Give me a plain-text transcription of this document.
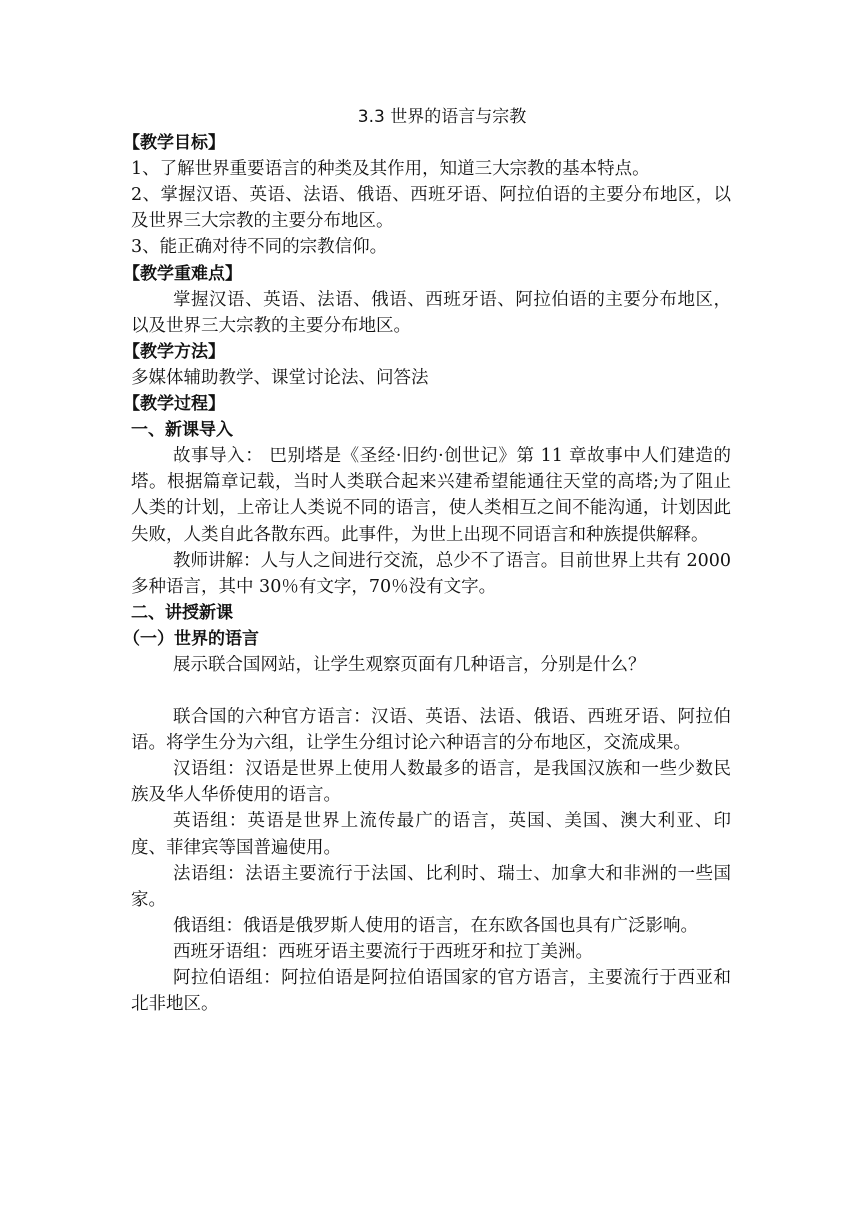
3.3 世界的语言与宗教

【教学目标】

1、了解世界重要语言的种类及其作用，知道三大宗教的基本特点。

2、掌握汉语、英语、法语、俄语、西班牙语、阿拉伯语的主要分布地区，以及世界三大宗教的主要分布地区。

3、能正确对待不同的宗教信仰。

【教学重难点】

掌握汉语、英语、法语、俄语、西班牙语、阿拉伯语的主要分布地区，以及世界三大宗教的主要分布地区。

【教学方法】

多媒体辅助教学、课堂讨论法、问答法

【教学过程】

一、新课导入

故事导入： 巴别塔是《圣经·旧约·创世记》第 11 章故事中人们建造的塔。根据篇章记载，当时人类联合起来兴建希望能通往天堂的高塔;为了阻止人类的计划，上帝让人类说不同的语言，使人类相互之间不能沟通，计划因此失败，人类自此各散东西。此事件，为世上出现不同语言和种族提供解释。

教师讲解：人与人之间进行交流，总少不了语言。目前世界上共有 2000 多种语言，其中 30％有文字，70％没有文字。

二、讲授新课

（一）世界的语言

展示联合国网站，让学生观察页面有几种语言，分别是什么？

联合国的六种官方语言：汉语、英语、法语、俄语、西班牙语、阿拉伯语。将学生分为六组，让学生分组讨论六种语言的分布地区，交流成果。

汉语组：汉语是世界上使用人数最多的语言，是我国汉族和一些少数民族及华人华侨使用的语言。

英语组：英语是世界上流传最广的语言，英国、美国、澳大利亚、印度、菲律宾等国普遍使用。

法语组：法语主要流行于法国、比利时、瑞士、加拿大和非洲的一些国家。

俄语组：俄语是俄罗斯人使用的语言，在东欧各国也具有广泛影响。

西班牙语组：西班牙语主要流行于西班牙和拉丁美洲。

阿拉伯语组：阿拉伯语是阿拉伯语国家的官方语言，主要流行于西亚和北非地区。
